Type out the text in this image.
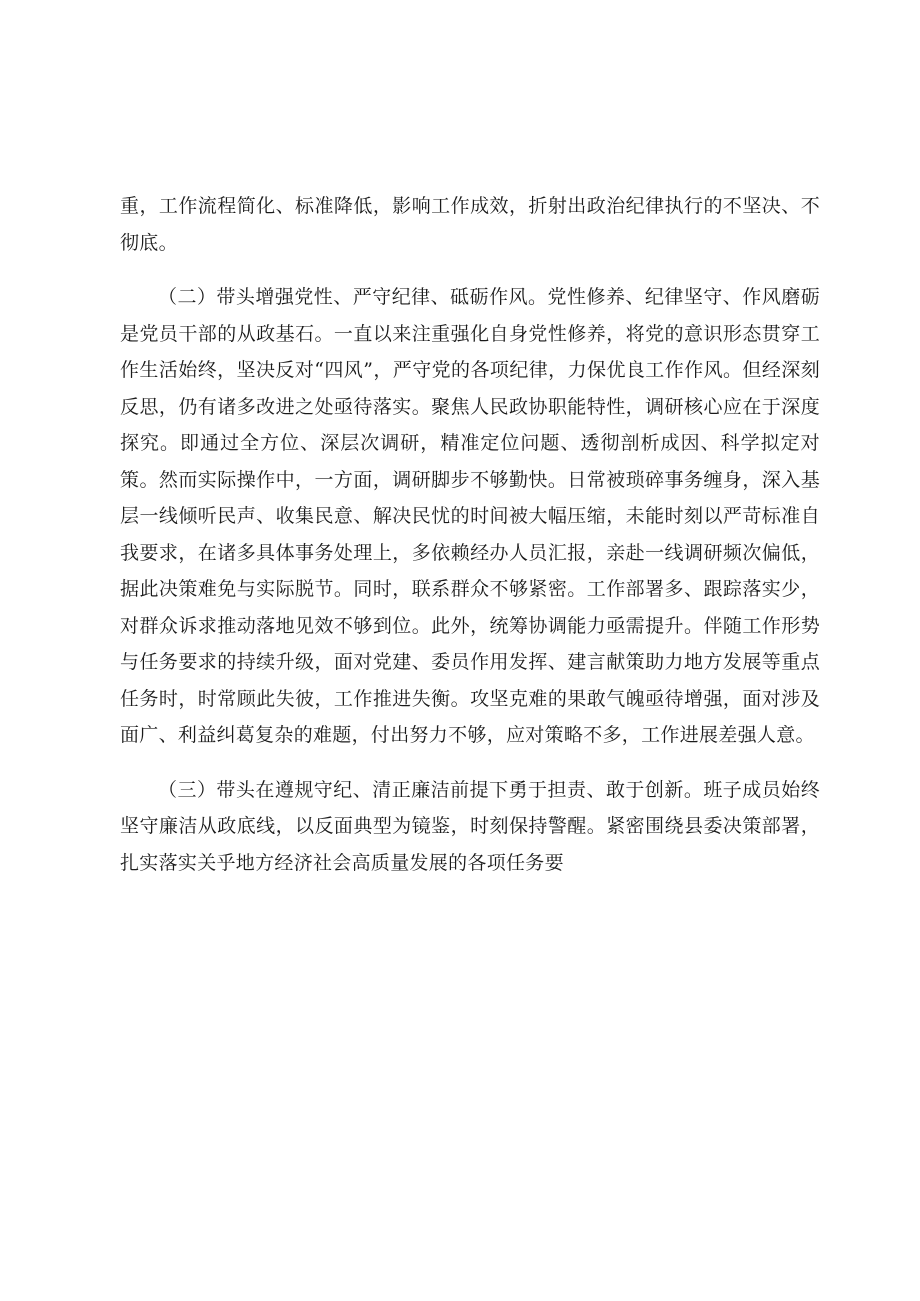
重，工作流程简化、标准降低，影响工作成效，折射出政治纪律执行的不坚决、不彻底。

（二）带头增强党性、严守纪律、砥砺作风。党性修养、纪律坚守、作风磨砺是党员干部的从政基石。一直以来注重强化自身党性修养，将党的意识形态贯穿工作生活始终，坚决反对“四风”，严守党的各项纪律，力保优良工作作风。但经深刻反思，仍有诸多改进之处亟待落实。聚焦人民政协职能特性，调研核心应在于深度探究。即通过全方位、深层次调研，精准定位问题、透彻剖析成因、科学拟定对策。然而实际操作中，一方面，调研脚步不够勤快。日常被琐碎事务缠身，深入基层一线倾听民声、收集民意、解决民忧的时间被大幅压缩，未能时刻以严苛标准自我要求，在诸多具体事务处理上，多依赖经办人员汇报，亲赴一线调研频次偏低，据此决策难免与实际脱节。同时，联系群众不够紧密。工作部署多、跟踪落实少，对群众诉求推动落地见效不够到位。此外，统筹协调能力亟需提升。伴随工作形势与任务要求的持续升级，面对党建、委员作用发挥、建言献策助力地方发展等重点任务时，时常顾此失彼，工作推进失衡。攻坚克难的果敢气魄亟待增强，面对涉及面广、利益纠葛复杂的难题，付出努力不够，应对策略不多，工作进展差强人意。

（三）带头在遵规守纪、清正廉洁前提下勇于担责、敢于创新。班子成员始终坚守廉洁从政底线，以反面典型为镜鉴，时刻保持警醒。紧密围绕县委决策部署，扎实落实关乎地方经济社会高质量发展的各项任务要
